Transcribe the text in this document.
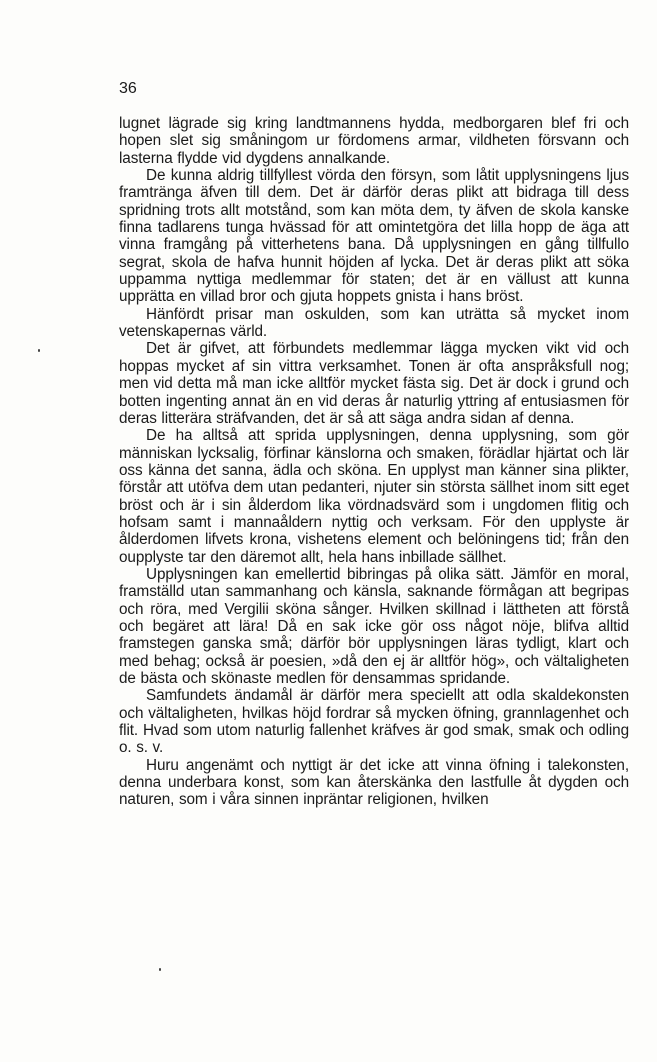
36

lugnet lägrade sig kring landtmannens hydda, medborgaren blef fri och hopen slet sig småningom ur fördomens armar, vildheten försvann och lasterna flydde vid dygdens annalkande.

De kunna aldrig tillfyllest vörda den försyn, som låtit upplysningens ljus framtränga äfven till dem. Det är därför deras plikt att bidraga till dess spridning trots allt motstånd, som kan möta dem, ty äfven de skola kanske finna tadlarens tunga hvässad för att omintetgöra det lilla hopp de äga att vinna framgång på vitterhetens bana. Då upplysningen en gång tillfullo segrat, skola de hafva hunnit höjden af lycka. Det är deras plikt att söka uppamma nyttiga medlemmar för staten; det är en vällust att kunna upprätta en villad bror och gjuta hoppets gnista i hans bröst.

Hänfördt prisar man oskulden, som kan uträtta så mycket inom vetenskapernas värld.

Det är gifvet, att förbundets medlemmar lägga mycken vikt vid och hoppas mycket af sin vittra verksamhet. Tonen är ofta anspråksfull nog; men vid detta må man icke alltför mycket fästa sig. Det är dock i grund och botten ingenting annat än en vid deras år naturlig yttring af entusiasmen för deras litterära sträfvanden, det är så att säga andra sidan af denna.

De ha alltså att sprida upplysningen, denna upplysning, som gör människan lycksalig, förfinar känslorna och smaken, förädlar hjärtat och lär oss känna det sanna, ädla och sköna. En upplyst man känner sina plikter, förstår att utöfva dem utan pedanteri, njuter sin största sällhet inom sitt eget bröst och är i sin ålderdom lika vördnadsvärd som i ungdomen flitig och hofsam samt i mannaåldern nyttig och verksam. För den upplyste är ålderdomen lifvets krona, vishetens element och belöningens tid; från den oupplyste tar den däremot allt, hela hans inbillade sällhet.

Upplysningen kan emellertid bibringas på olika sätt. Jämför en moral, framställd utan sammanhang och känsla, saknande förmågan att begripas och röra, med Vergilii sköna sånger. Hvilken skillnad i lättheten att förstå och begäret att lära! Då en sak icke gör oss något nöje, blifva alltid framstegen ganska små; därför bör upplysningen läras tydligt, klart och med behag; också är poesien, »då den ej är alltför hög», och vältaligheten de bästa och skönaste medlen för densammas spridande.

Samfundets ändamål är därför mera speciellt att odla skaldekonsten och vältaligheten, hvilkas höjd fordrar så mycken öfning, grannlagenhet och flit. Hvad som utom naturlig fallenhet kräfves är god smak, smak och odling o. s. v.

Huru angenämt och nyttigt är det icke att vinna öfning i talekonsten, denna underbara konst, som kan återskänka den lastfulle åt dygden och naturen, som i våra sinnen inpräntar religionen, hvilken
